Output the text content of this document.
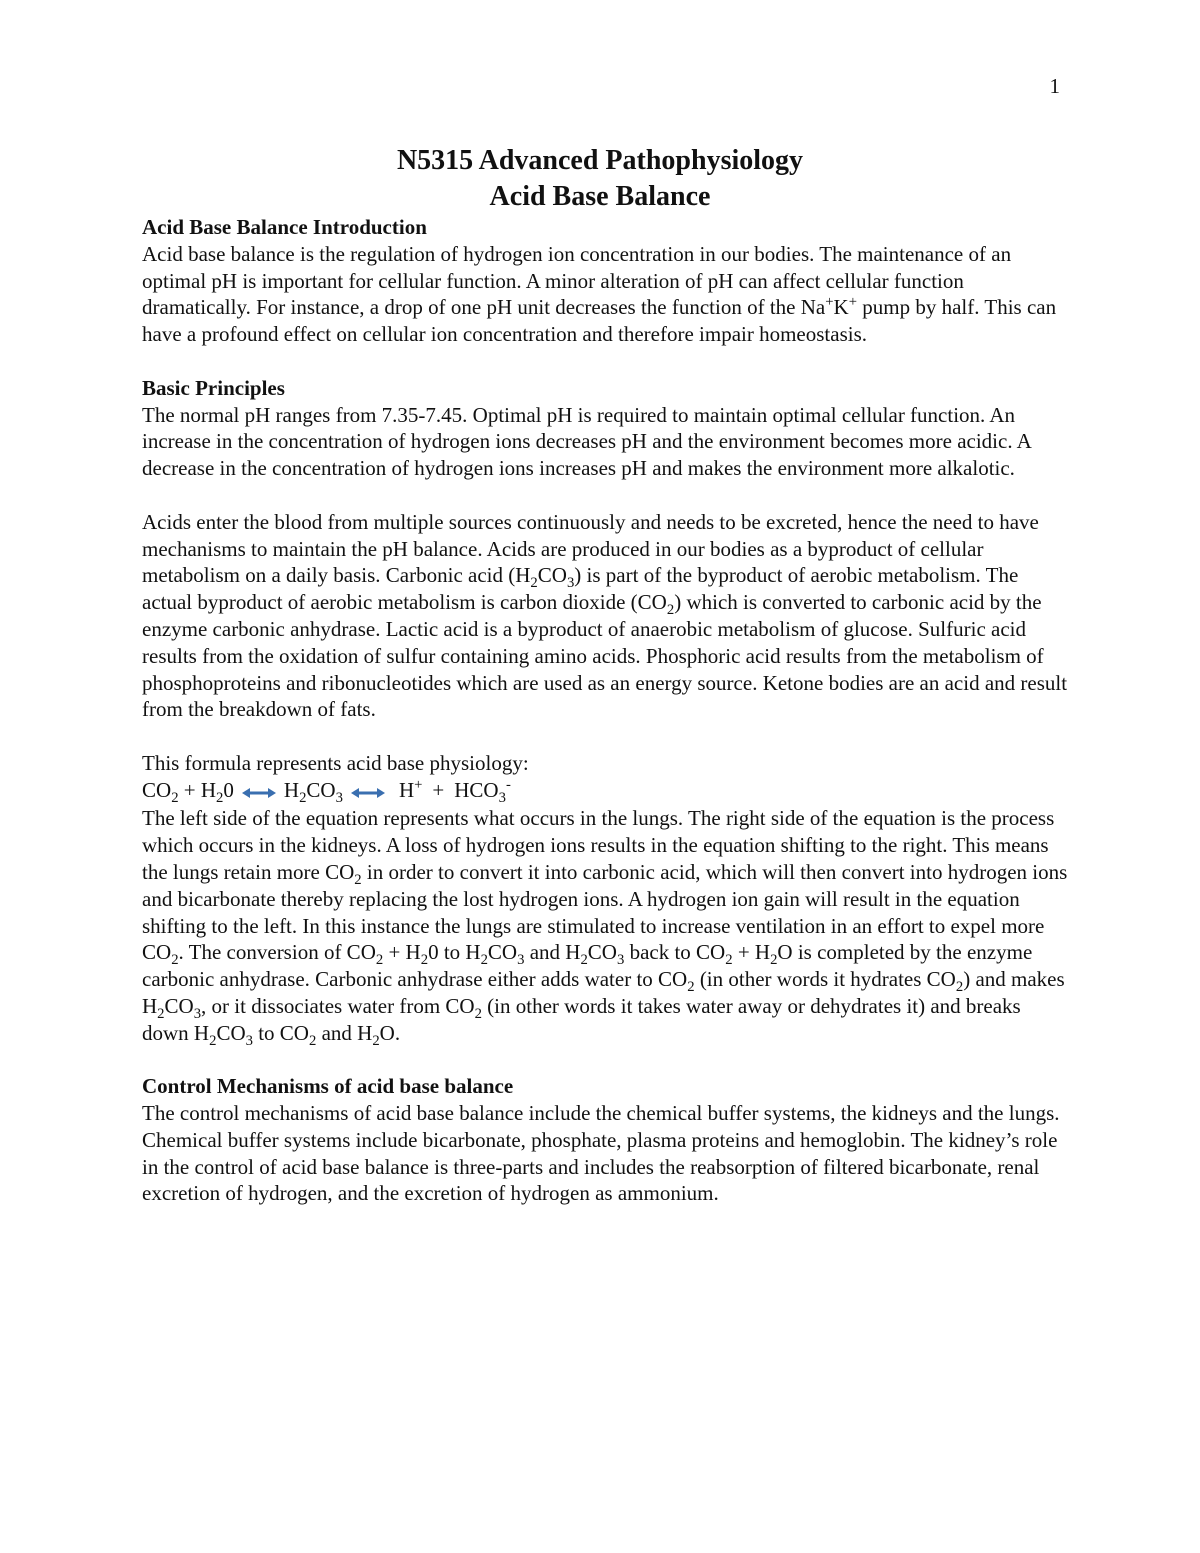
1
N5315 Advanced Pathophysiology
Acid Base Balance
Acid Base Balance Introduction

Acid base balance is the regulation of hydrogen ion concentration in our bodies. The maintenance of an optimal pH is important for cellular function. A minor alteration of pH can affect cellular function dramatically. For instance, a drop of one pH unit decreases the function of the Na+K+ pump by half. This can have a profound effect on cellular ion concentration and therefore impair homeostasis.

Basic Principles

The normal pH ranges from 7.35-7.45. Optimal pH is required to maintain optimal cellular function. An increase in the concentration of hydrogen ions decreases pH and the environment becomes more acidic. A decrease in the concentration of hydrogen ions increases pH and makes the environment more alkalotic.

Acids enter the blood from multiple sources continuously and needs to be excreted, hence the need to have mechanisms to maintain the pH balance. Acids are produced in our bodies as a byproduct of cellular metabolism on a daily basis. Carbonic acid $(H_2CO_3)$ is part of the byproduct of aerobic metabolism. The actual byproduct of aerobic metabolism is carbon dioxide $(CO_2)$ which is converted to carbonic acid by the enzyme carbonic anhydrase. Lactic acid is a byproduct of anaerobic metabolism of glucose. Sulfuric acid results from the oxidation of sulfur containing amino acids. Phosphoric acid results from the metabolism of phosphoproteins and ribonucleotides which are used as an energy source. Ketone bodies are an acid and result from the breakdown of fats.

This formula represents acid base physiology:

$CO_2 + H_20$ $H_2CO_3$	$H^+ + HCO_3^-$

The left side of the equation represents what occurs in the lungs. The right side of the equation is the process which occurs in the kidneys. A loss of hydrogen ions results in the equation shifting to the right. This means the lungs retain more $CO_2$ in order to convert it into carbonic acid, which will then convert into hydrogen ions and bicarbonate thereby replacing the lost hydrogen ions. A hydrogen ion gain will result in the equation shifting to the left. In this instance the lungs are stimulated to increase ventilation in an effort to expel more $CO_2$. The conversion of $CO_2 + H_20$ to $H_2CO_3$ and $H_2CO_3$ back to $CO_2 + H_2O$ is completed by the enzyme carbonic anhydrase. Carbonic anhydrase either adds water to $CO_2$ (in other words it hydrates $CO_2$) and makes $H_2CO_3$, or it dissociates water from $CO_2$ (in other words it takes water away or dehydrates it) and breaks down $H_2CO_3$ to $CO_2$ and $H_2O$.

Control Mechanisms of acid base balance

The control mechanisms of acid base balance include the chemical buffer systems, the kidneys and the lungs. Chemical buffer systems include bicarbonate, phosphate, plasma proteins and hemoglobin. The kidney’s role in the control of acid base balance is three-parts and includes the reabsorption of filtered bicarbonate, renal excretion of hydrogen, and the excretion of hydrogen as ammonium.
